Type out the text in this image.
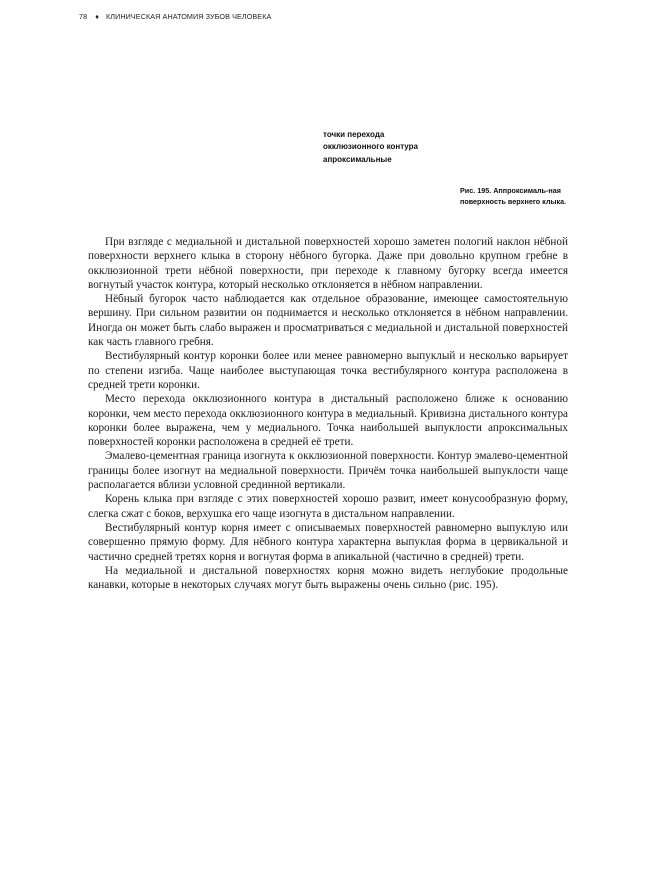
78 ♦ КЛИНИЧЕСКАЯ АНАТОМИЯ ЗУБОВ ЧЕЛОВЕКА
точки перехода
окклюзионного контура
апроксимальные
Рис. 195. Аппроксималь-ная поверхность верхнего клыка.

При взгляде с медиальной и дистальной поверхностей хорошо заметен пологий наклон нёбной поверхности верхнего клыка в сторону нёбного бугорка. Даже при довольно крупном гребне в окклюзионной трети нёбной поверхности, при переходе к главному бугорку всегда имеется вогнутый участок контура, который несколько отклоняется в нёбном направлении.

Нёбный бугорок часто наблюдается как отдельное образование, имеющее самостоятельную вершину. При сильном развитии он поднимается и несколько отклоняется в нёбном направлении. Иногда он может быть слабо выражен и просматриваться с медиальной и дистальной поверхностей как часть главного гребня.

Вестибулярный контур коронки более или менее равномерно выпуклый и несколько варьирует по степени изгиба. Чаще наиболее выступающая точка вестибулярного контура расположена в средней трети коронки.

Место перехода окклюзионного контура в дистальный расположено ближе к основанию коронки, чем место перехода окклюзионного контура в медиальный. Кривизна дистального контура коронки более выражена, чем у медиального. Точка наибольшей выпуклости апроксимальных поверхностей коронки расположена в средней её трети.

Эмалево-цементная граница изогнута к окклюзионной поверхности. Контур эмалево-цементной границы более изогнут на медиальной поверхности. Причём точка наибольшей выпуклости чаще располагается вблизи условной срединной вертикали.

Корень клыка при взгляде с этих поверхностей хорошо развит, имеет конусообразную форму, слегка сжат с боков, верхушка его чаще изогнута в дистальном направлении.

Вестибулярный контур корня имеет с описываемых поверхностей равномерно выпуклую или совершенно прямую форму. Для нёбного контура характерна выпуклая форма в цервикальной и частично средней третях корня и вогнутая форма в апикальной (частично в средней) трети.

На медиальной и дистальной поверхностях корня можно видеть неглубокие продольные канавки, которые в некоторых случаях могут быть выражены очень сильно (рис. 195).
